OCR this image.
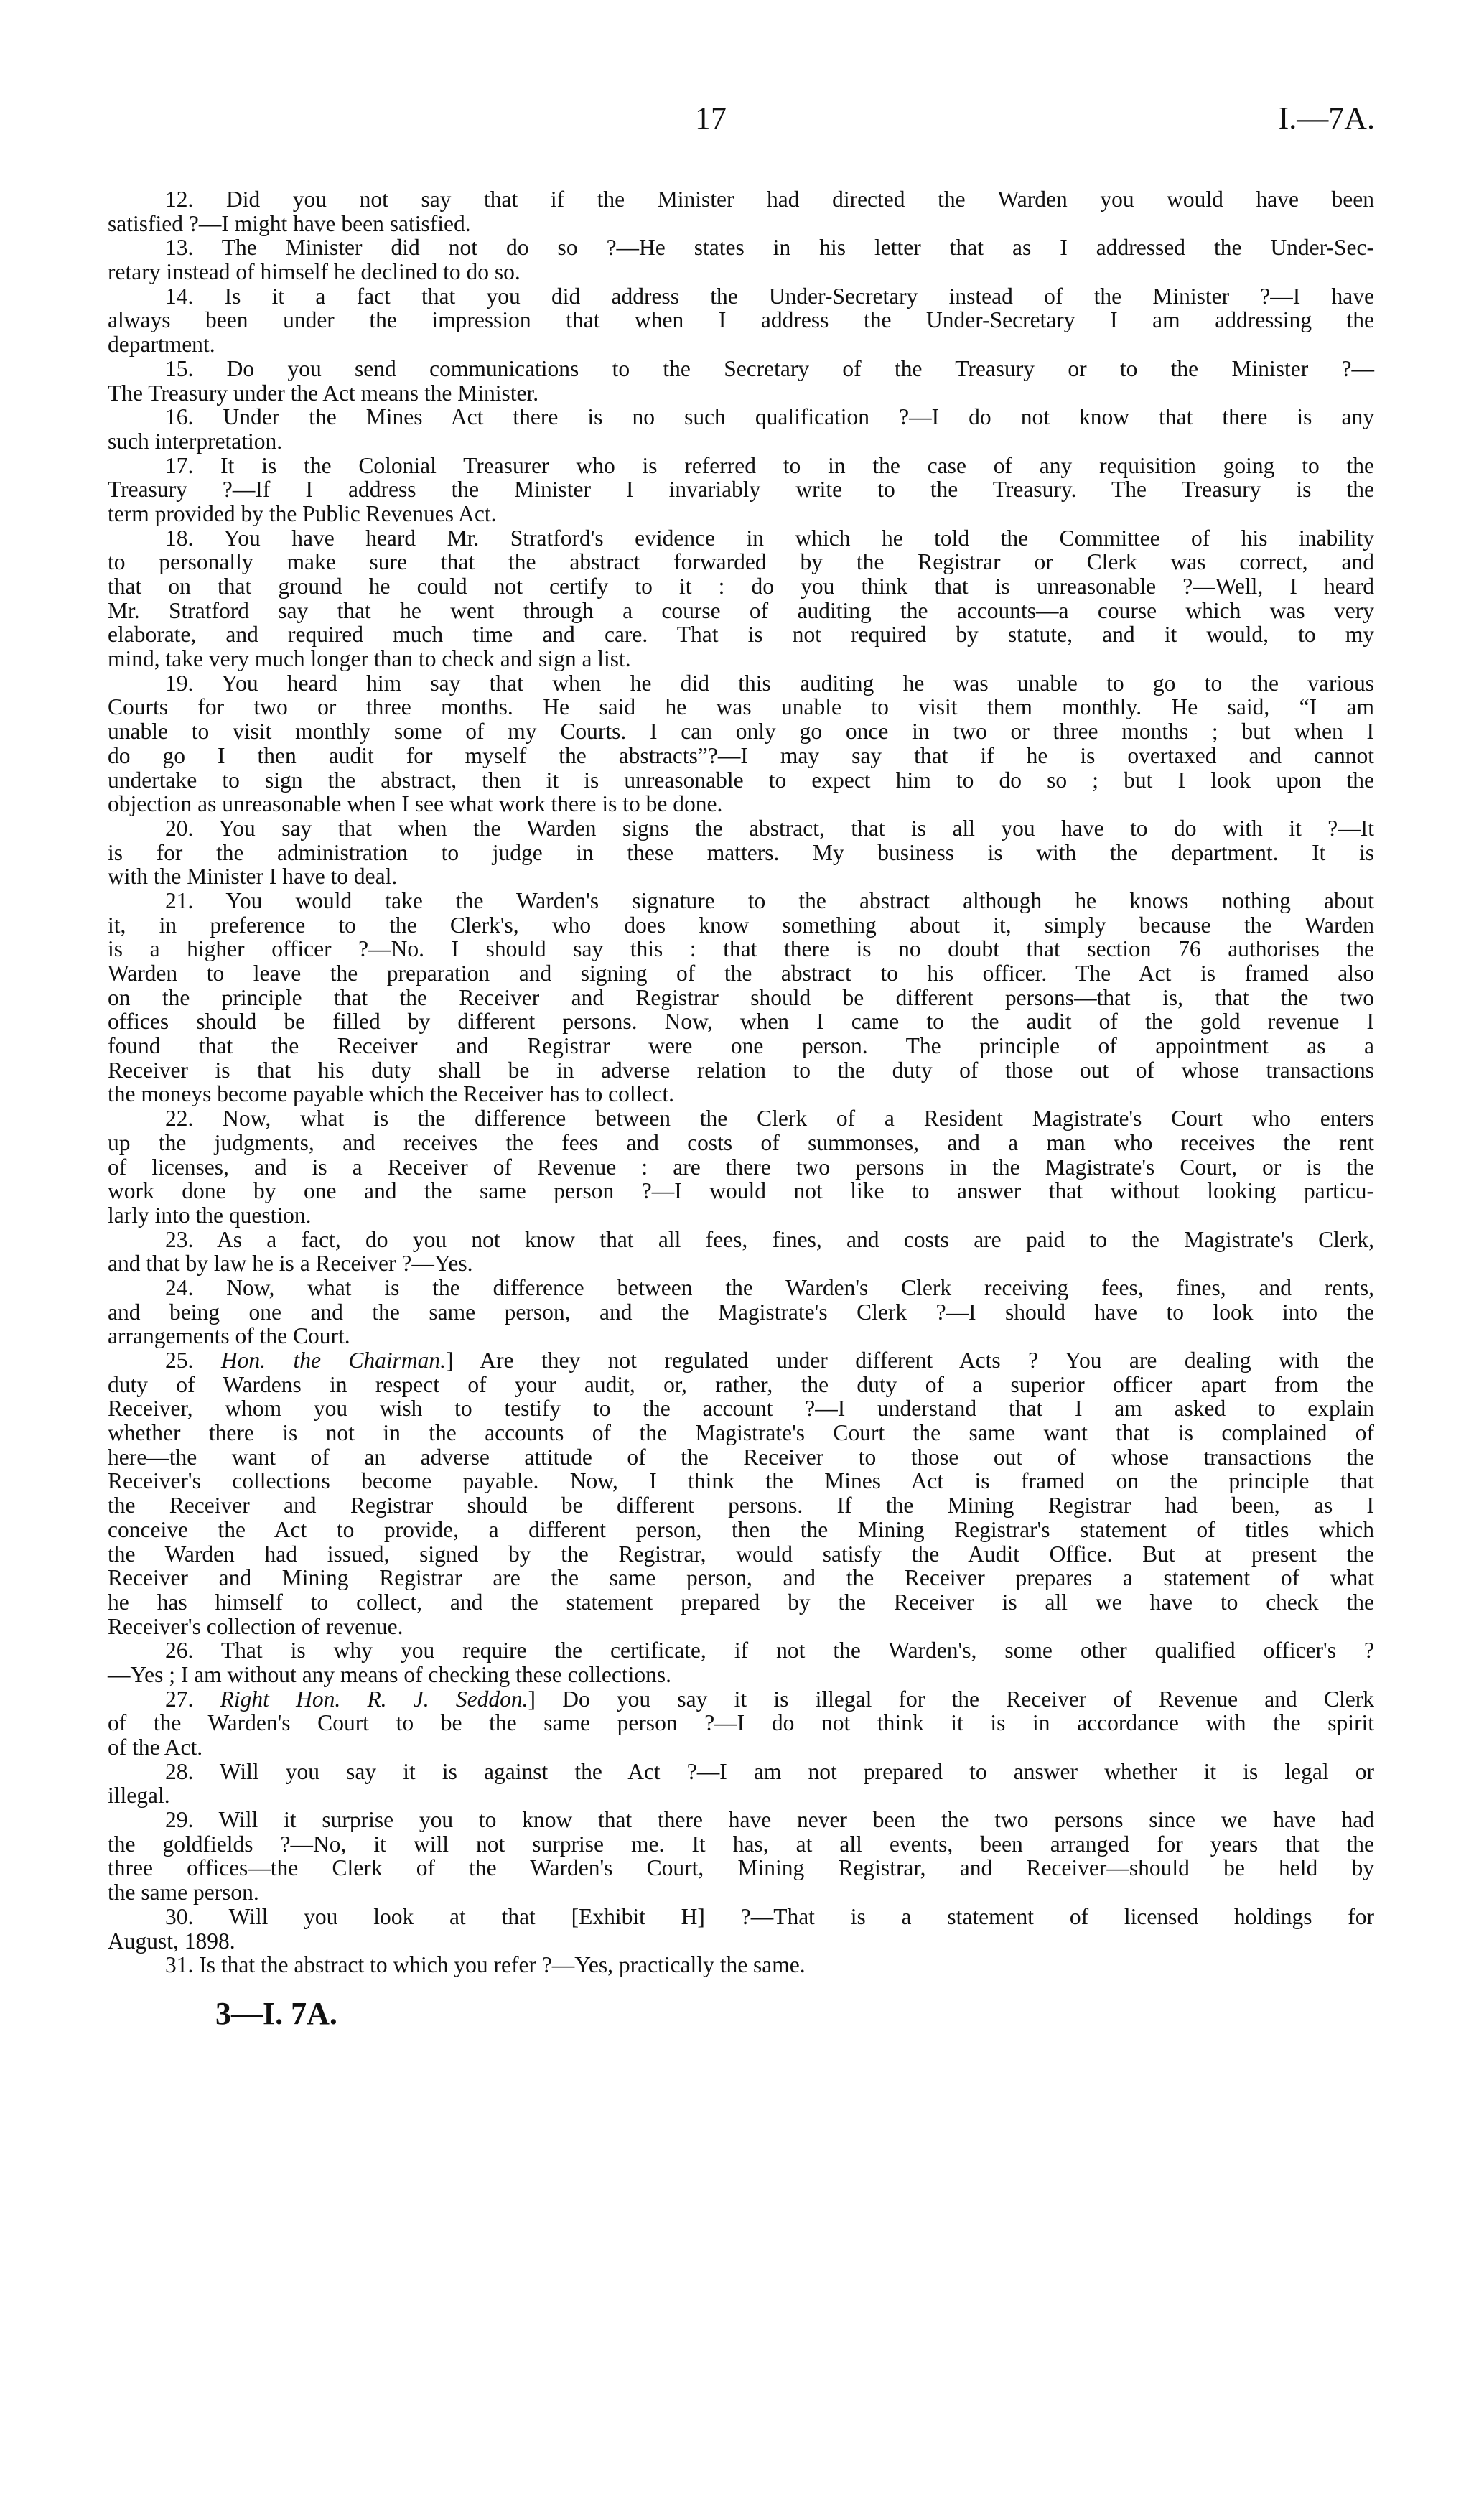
17	I.—7A.
12. Did you not say that if the Minister had directed the Warden you would have been
satisfied ?—I might have been satisfied.
13. The Minister did not do so ?—He states in his letter that as I addressed the Under-Sec-
retary instead of himself he declined to do so.
14. Is it a fact that you did address the Under-Secretary instead of the Minister ?—I have
always been under the impression that when I address the Under-Secretary I am addressing the
department.
15. Do you send communications to the Secretary of the Treasury or to the Minister ?—
The Treasury under the Act means the Minister.
16. Under the Mines Act there is no such qualification ?—I do not know that there is any
such interpretation.
17. It is the Colonial Treasurer who is referred to in the case of any requisition going to the
Treasury ?—If I address the Minister I invariably write to the Treasury. The Treasury is the
term provided by the Public Revenues Act.
18. You have heard Mr. Stratford's evidence in which he told the Committee of his inability
to personally make sure that the abstract forwarded by the Registrar or Clerk was correct, and
that on that ground he could not certify to it : do you think that is unreasonable ?—Well, I heard
Mr. Stratford say that he went through a course of auditing the accounts—a course which was very
elaborate, and required much time and care. That is not required by statute, and it would, to my
mind, take very much longer than to check and sign a list.
19. You heard him say that when he did this auditing he was unable to go to the various
Courts for two or three months. He said he was unable to visit them monthly. He said, “I am
unable to visit monthly some of my Courts. I can only go once in two or three months ; but when I
do go I then audit for myself the abstracts”?—I may say that if he is overtaxed and cannot
undertake to sign the abstract, then it is unreasonable to expect him to do so ; but I look upon the
objection as unreasonable when I see what work there is to be done.
20. You say that when the Warden signs the abstract, that is all you have to do with it ?—It
is for the administration to judge in these matters. My business is with the department. It is
with the Minister I have to deal.
21. You would take the Warden's signature to the abstract although he knows nothing about
it, in preference to the Clerk's, who does know something about it, simply because the Warden
is a higher officer ?—No. I should say this : that there is no doubt that section 76 authorises the
Warden to leave the preparation and signing of the abstract to his officer. The Act is framed also
on the principle that the Receiver and Registrar should be different persons—that is, that the two
offices should be filled by different persons. Now, when I came to the audit of the gold revenue I
found that the Receiver and Registrar were one person. The principle of appointment as a
Receiver is that his duty shall be in adverse relation to the duty of those out of whose transactions
the moneys become payable which the Receiver has to collect.
22. Now, what is the difference between the Clerk of a Resident Magistrate's Court who enters
up the judgments, and receives the fees and costs of summonses, and a man who receives the rent
of licenses, and is a Receiver of Revenue : are there two persons in the Magistrate's Court, or is the
work done by one and the same person ?—I would not like to answer that without looking particu-
larly into the question.
23. As a fact, do you not know that all fees, fines, and costs are paid to the Magistrate's Clerk,
and that by law he is a Receiver ?—Yes.
24. Now, what is the difference between the Warden's Clerk receiving fees, fines, and rents,
and being one and the same person, and the Magistrate's Clerk ?—I should have to look into the
arrangements of the Court.
25. Hon. the Chairman.] Are they not regulated under different Acts ? You are dealing with the
duty of Wardens in respect of your audit, or, rather, the duty of a superior officer apart from the
Receiver, whom you wish to testify to the account ?—I understand that I am asked to explain
whether there is not in the accounts of the Magistrate's Court the same want that is complained of
here—the want of an adverse attitude of the Receiver to those out of whose transactions the
Receiver's collections become payable. Now, I think the Mines Act is framed on the principle that
the Receiver and Registrar should be different persons. If the Mining Registrar had been, as I
conceive the Act to provide, a different person, then the Mining Registrar's statement of titles which
the Warden had issued, signed by the Registrar, would satisfy the Audit Office. But at present the
Receiver and Mining Registrar are the same person, and the Receiver prepares a statement of what
he has himself to collect, and the statement prepared by the Receiver is all we have to check the
Receiver's collection of revenue.
26. That is why you require the certificate, if not the Warden's, some other qualified officer's ?
—Yes ; I am without any means of checking these collections.
27. Right Hon. R. J. Seddon.] Do you say it is illegal for the Receiver of Revenue and Clerk
of the Warden's Court to be the same person ?—I do not think it is in accordance with the spirit
of the Act.
28. Will you say it is against the Act ?—I am not prepared to answer whether it is legal or
illegal.
29. Will it surprise you to know that there have never been the two persons since we have had
the goldfields ?—No, it will not surprise me. It has, at all events, been arranged for years that the
three offices—the Clerk of the Warden's Court, Mining Registrar, and Receiver—should be held by
the same person.
30. Will you look at that [Exhibit H] ?—That is a statement of licensed holdings for
August, 1898.
31. Is that the abstract to which you refer ?—Yes, practically the same.
3—I. 7A.
